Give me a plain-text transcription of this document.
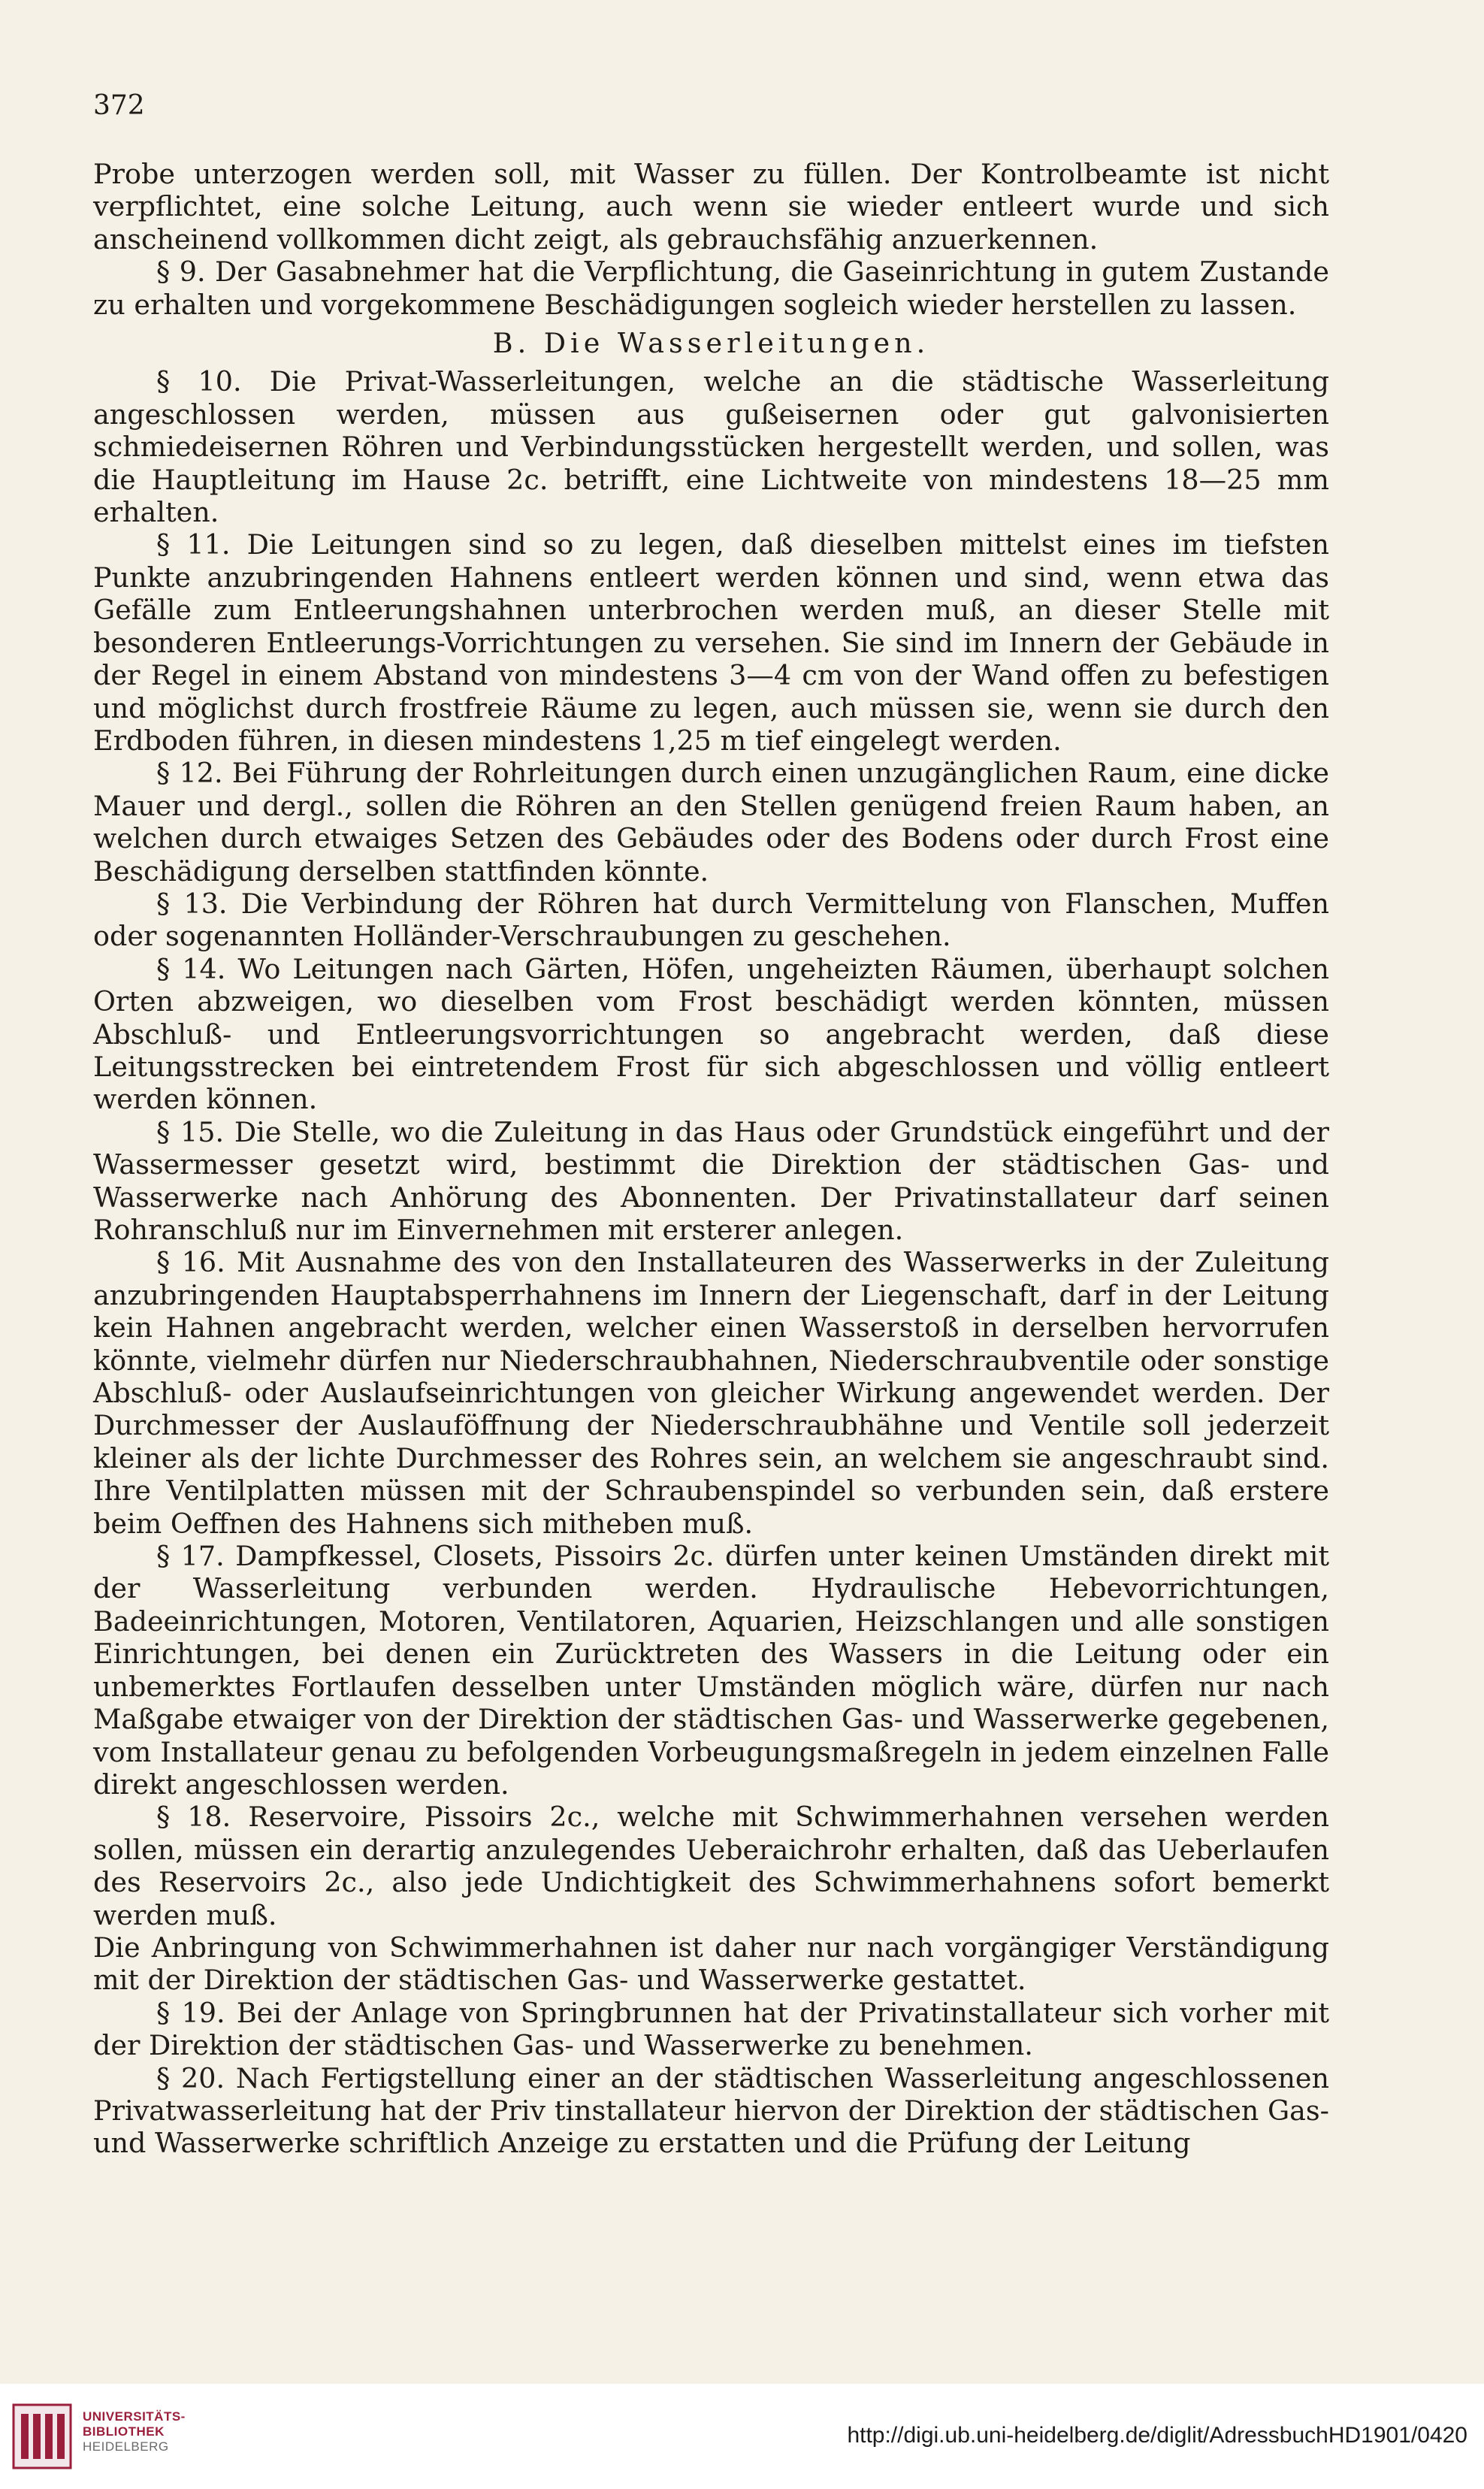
372

Probe unterzogen werden soll, mit Wasser zu füllen. Der Kontrolbeamte ist nicht verpflichtet, eine solche Leitung, auch wenn sie wieder entleert wurde und sich anscheinend vollkommen dicht zeigt, als gebrauchsfähig anzuerkennen.

§ 9. Der Gasabnehmer hat die Verpflichtung, die Gaseinrichtung in gutem Zustande zu erhalten und vorgekommene Beschädigungen sogleich wieder herstellen zu lassen.

B. Die Wasserleitungen.

§ 10. Die Privat-Wasserleitungen, welche an die städtische Wasserleitung angeschlossen werden, müssen aus gußeisernen oder gut galvonisierten schmiedeisernen Röhren und Verbindungsstücken hergestellt werden, und sollen, was die Hauptleitung im Hause 2c. betrifft, eine Lichtweite von mindestens 18—25 mm erhalten.

§ 11. Die Leitungen sind so zu legen, daß dieselben mittelst eines im tiefsten Punkte anzubringenden Hahnens entleert werden können und sind, wenn etwa das Gefälle zum Entleerungshahnen unterbrochen werden muß, an dieser Stelle mit besonderen Entleerungs-Vorrichtungen zu versehen. Sie sind im Innern der Gebäude in der Regel in einem Abstand von mindestens 3—4 cm von der Wand offen zu befestigen und möglichst durch frostfreie Räume zu legen, auch müssen sie, wenn sie durch den Erdboden führen, in diesen mindestens 1,25 m tief eingelegt werden.

§ 12. Bei Führung der Rohrleitungen durch einen unzugänglichen Raum, eine dicke Mauer und dergl., sollen die Röhren an den Stellen genügend freien Raum haben, an welchen durch etwaiges Setzen des Gebäudes oder des Bodens oder durch Frost eine Beschädigung derselben stattfinden könnte.

§ 13. Die Verbindung der Röhren hat durch Vermittelung von Flanschen, Muffen oder sogenannten Holländer-Verschraubungen zu geschehen.

§ 14. Wo Leitungen nach Gärten, Höfen, ungeheizten Räumen, überhaupt solchen Orten abzweigen, wo dieselben vom Frost beschädigt werden könnten, müssen Abschluß- und Entleerungsvorrichtungen so angebracht werden, daß diese Leitungsstrecken bei eintretendem Frost für sich abgeschlossen und völlig entleert werden können.

§ 15. Die Stelle, wo die Zuleitung in das Haus oder Grundstück eingeführt und der Wassermesser gesetzt wird, bestimmt die Direktion der städtischen Gas- und Wasserwerke nach Anhörung des Abonnenten. Der Privatinstallateur darf seinen Rohranschluß nur im Einvernehmen mit ersterer anlegen.

§ 16. Mit Ausnahme des von den Installateuren des Wasserwerks in der Zuleitung anzubringenden Hauptabsperrhahnens im Innern der Liegenschaft, darf in der Leitung kein Hahnen angebracht werden, welcher einen Wasserstoß in derselben hervorrufen könnte, vielmehr dürfen nur Niederschraubhahnen, Niederschraubventile oder sonstige Abschluß- oder Auslaufseinrichtungen von gleicher Wirkung angewendet werden. Der Durchmesser der Auslauföffnung der Niederschraubhähne und Ventile soll jederzeit kleiner als der lichte Durchmesser des Rohres sein, an welchem sie angeschraubt sind. Ihre Ventilplatten müssen mit der Schraubenspindel so verbunden sein, daß erstere beim Oeffnen des Hahnens sich mitheben muß.

§ 17. Dampfkessel, Closets, Pissoirs 2c. dürfen unter keinen Umständen direkt mit der Wasserleitung verbunden werden. Hydraulische Hebevorrichtungen, Badeeinrichtungen, Motoren, Ventilatoren, Aquarien, Heizschlangen und alle sonstigen Einrichtungen, bei denen ein Zurücktreten des Wassers in die Leitung oder ein unbemerktes Fortlaufen desselben unter Umständen möglich wäre, dürfen nur nach Maßgabe etwaiger von der Direktion der städtischen Gas- und Wasserwerke gegebenen, vom Installateur genau zu befolgenden Vorbeugungsmaßregeln in jedem einzelnen Falle direkt angeschlossen werden.

§ 18. Reservoire, Pissoirs 2c., welche mit Schwimmerhahnen versehen werden sollen, müssen ein derartig anzulegendes Ueberaichrohr erhalten, daß das Ueberlaufen des Reservoirs 2c., also jede Undichtigkeit des Schwimmerhahnens sofort bemerkt werden muß.

Die Anbringung von Schwimmerhahnen ist daher nur nach vorgängiger Verständigung mit der Direktion der städtischen Gas- und Wasserwerke gestattet.

§ 19. Bei der Anlage von Springbrunnen hat der Privatinstallateur sich vorher mit der Direktion der städtischen Gas- und Wasserwerke zu benehmen.

§ 20. Nach Fertigstellung einer an der städtischen Wasserleitung angeschlossenen Privatwasserleitung hat der Priv tinstallateur hiervon der Direktion der städtischen Gas- und Wasserwerke schriftlich Anzeige zu erstatten und die Prüfung der Leitung

UNIVERSITÄTS-
BIBLIOTHEK
HEIDELBERG	http://digi.ub.uni-heidelberg.de/diglit/AdressbuchHD1901/0420
